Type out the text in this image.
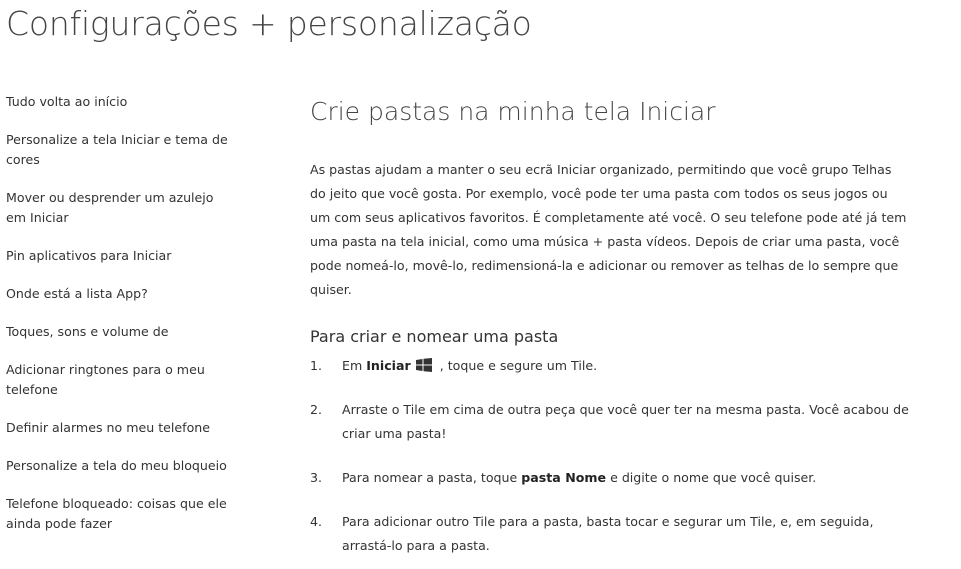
Configurações + personalização
Tudo volta ao início
Personalize a tela Iniciar e tema de cores
Mover ou desprender um azulejo em Iniciar
Pin aplicativos para Iniciar
Onde está a lista App?
Toques, sons e volume de
Adicionar ringtones para o meu telefone
Definir alarmes no meu telefone
Personalize a tela do meu bloqueio
Telefone bloqueado: coisas que ele ainda pode fazer
Crie pastas na minha tela Iniciar

As pastas ajudam a manter o seu ecrã Iniciar organizado, permitindo que você grupo Telhas do jeito que você gosta. Por exemplo, você pode ter uma pasta com todos os seus jogos ou um com seus aplicativos favoritos. É completamente até você. O seu telefone pode até já tem uma pasta na tela inicial, como uma música + pasta vídeos. Depois de criar uma pasta, você pode nomeá-lo, movê-lo, redimensioná-la e adicionar ou remover as telhas de lo sempre que quiser.

Para criar e nomear uma pasta
1. Em Iniciar , toque e segure um Tile.
2. Arraste o Tile em cima de outra peça que você quer ter na mesma pasta. Você acabou de criar uma pasta!
3. Para nomear a pasta, toque pasta Nome e digite o nome que você quiser.
4. Para adicionar outro Tile para a pasta, basta tocar e segurar um Tile, e, em seguida, arrastá-lo para a pasta.
